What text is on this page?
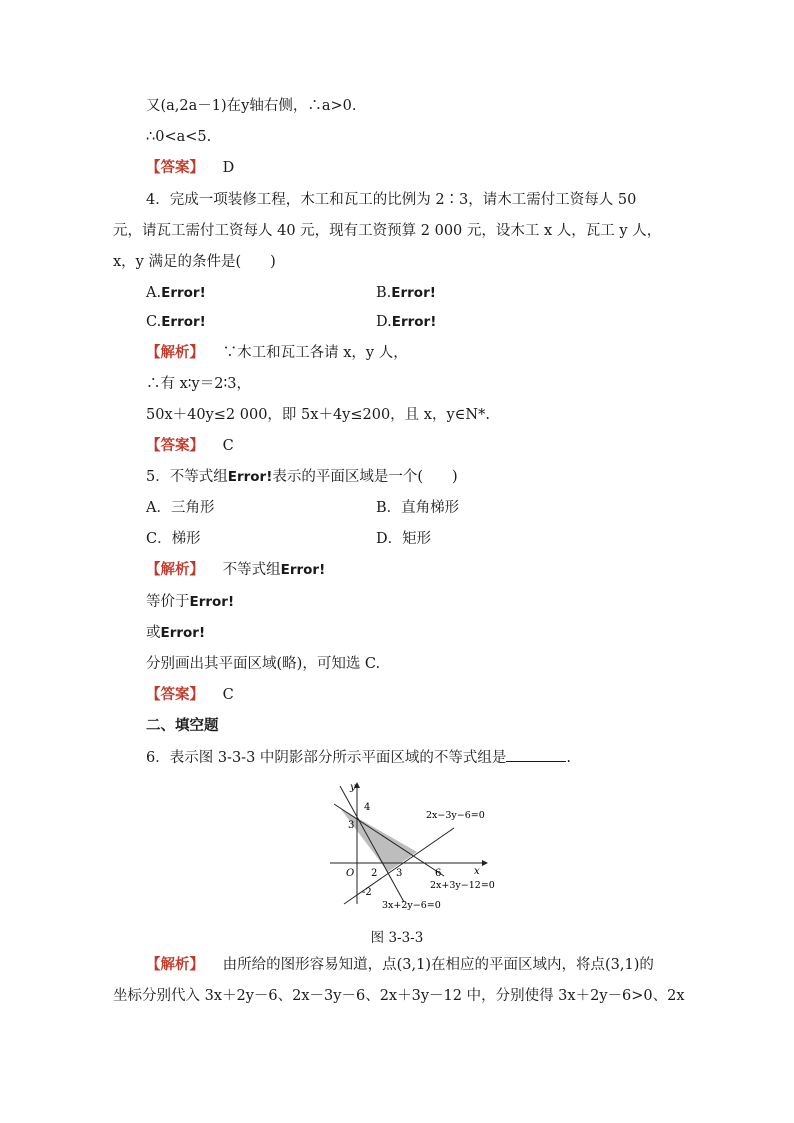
又(a,2a－1)在y轴右侧，∴a>0.
∴0<a<5.
【答案】 D
4．完成一项装修工程，木工和瓦工的比例为 2∶3，请木工需付工资每人 50
元，请瓦工需付工资每人 40 元，现有工资预算 2 000 元，设木工 x 人，瓦工 y 人，
x，y 满足的条件是(　　)
A.Error!	B.Error!
C.Error!	D.Error!
【解析】 ∵木工和瓦工各请 x，y 人，
∴有 x∶y＝2∶3，
50x＋40y≤2 000，即 5x＋4y≤200，且 x，y∈N*.
【答案】 C
5．不等式组Error!表示的平面区域是一个(　　)
A．三角形	B．直角梯形
C．梯形	D．矩形
【解析】 不等式组Error!
等价于Error!
或Error!
分别画出其平面区域(略)，可知选 C.
【答案】 C
二、填空题
6．表示图 3-3-3 中阴影部分所示平面区域的不等式组是	.
y
x
O
4
3
2 3	6
-2
2x−3y−6=0
2x+3y−12=0
3x+2y−6=0
图 3-3-3
【解析】 由所给的图形容易知道，点(3,1)在相应的平面区域内，将点(3,1)的
坐标分别代入 3x＋2y－6、2x－3y－6、2x＋3y－12 中，分别使得 3x＋2y－6>0、2x
